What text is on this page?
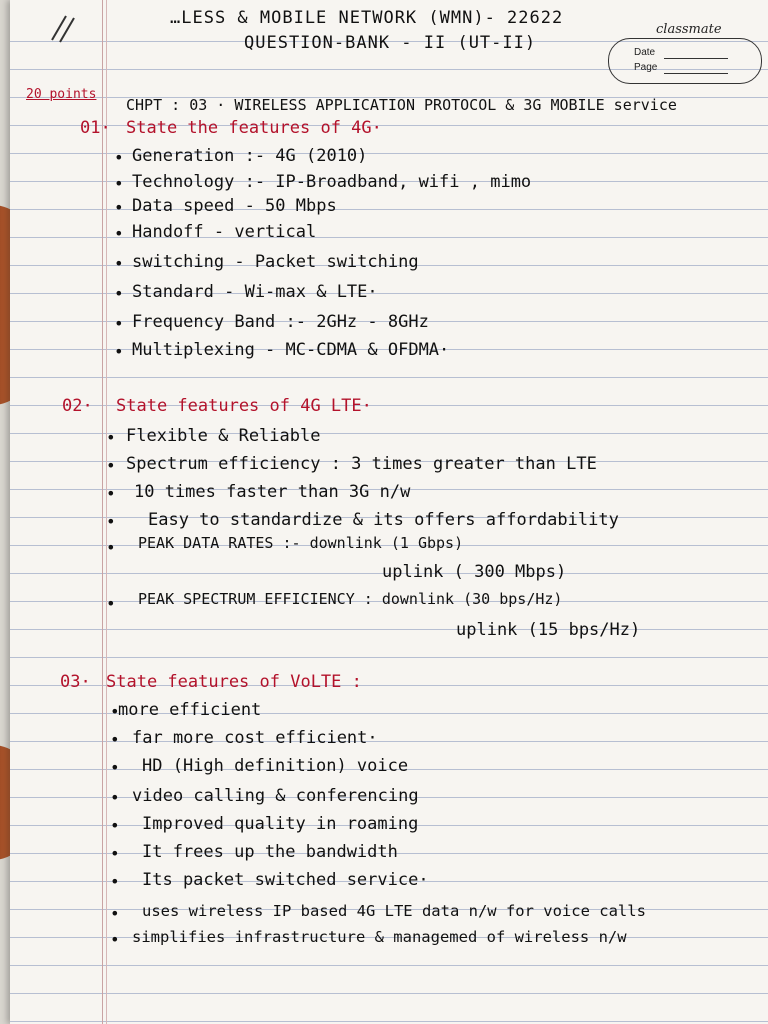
…LESS & MOBILE NETWORK (WMN)- 22622
QUESTION-BANK - II (UT-II)
classmate
Date
Page
20 points
CHPT : 03 · WIRELESS APPLICATION PROTOCOL & 3G MOBILE service
01· State the features of 4G·
• Generation :- 4G (2010)
• Technology :- IP-Broadband, wifi , mimo
• Data speed - 50 Mbps
• Handoff - vertical
• switching - Packet switching
• Standard - Wi-max & LTE·
• Frequency Band :- 2GHz - 8GHz
• Multiplexing - MC-CDMA & OFDMA·
02· State features of 4G LTE·
• Flexible & Reliable
• Spectrum efficiency : 3 times greater than LTE
• 10 times faster than 3G n/w
• Easy to standardize & its offers affordability
• PEAK DATA RATES :- downlink (1 Gbps)
uplink ( 300 Mbps)
• PEAK SPECTRUM EFFICIENCY : downlink (30 bps/Hz)
uplink (15 bps/Hz)
03· State features of VoLTE :
•
more efficient
• far more cost efficient·
• HD (High definition) voice
• video calling & conferencing
• Improved quality in roaming
• It frees up the bandwidth
• Its packet switched service·
• uses wireless IP based 4G LTE data n/w for voice calls
• simplifies infrastructure & managemed of wireless n/w
